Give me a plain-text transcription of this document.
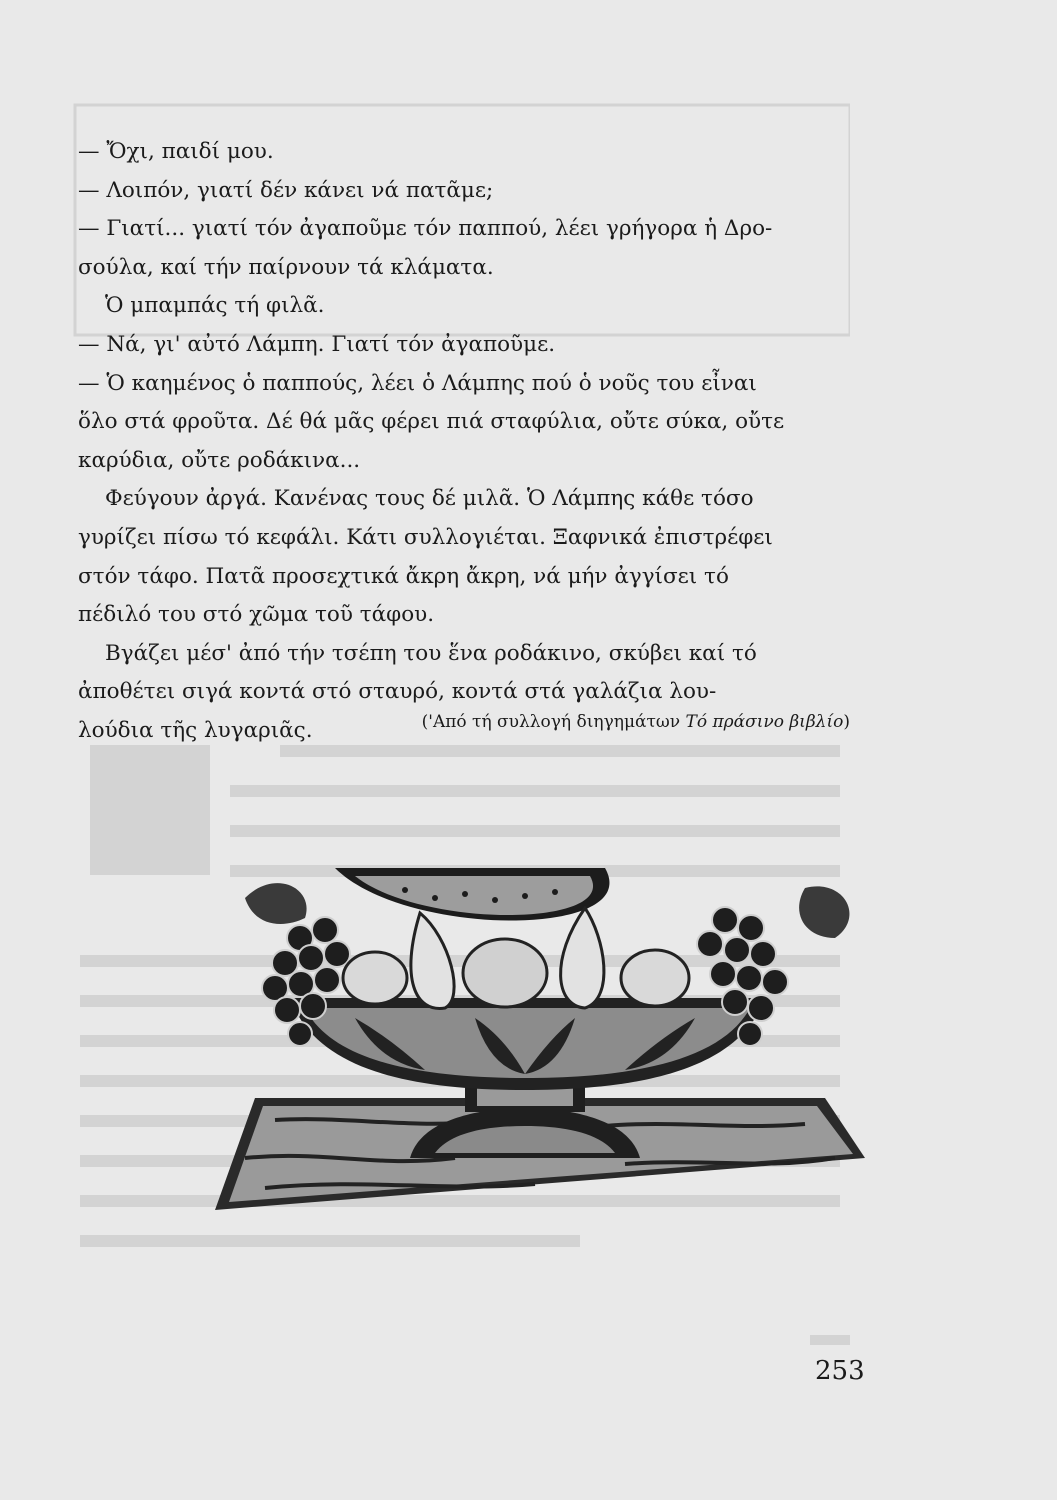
— Ὄχι, παιδί μου.

— Λοιπόν, γιατί δέν κάνει νά πατᾶμε;

— Γιατί... γιατί τόν ἀγαποῦμε τόν παππού, λέει γρήγορα ἡ Δρο-

σούλα, καί τήν παίρνουν τά κλάματα.

Ὁ μπαμπάς τή φιλᾶ.

— Νά, γι' αὐτό Λάμπη. Γιατί τόν ἀγαποῦμε.

— Ὁ καημένος ὁ παππούς, λέει ὁ Λάμπης πού ὁ νοῦς του εἶναι

ὅλο στά φροῦτα. Δέ θά μᾶς φέρει πιά σταφύλια, οὔτε σύκα, οὔτε

καρύδια, οὔτε ροδάκινα...

Φεύγουν ἀργά. Κανένας τους δέ μιλᾶ. Ὁ Λάμπης κάθε τόσο

γυρίζει πίσω τό κεφάλι. Κάτι συλλογιέται. Ξαφνικά ἐπιστρέφει

στόν τάφο. Πατᾶ προσεχτικά ἄκρη ἄκρη, νά μήν ἀγγίσει τό

πέδιλό του στό χῶμα τοῦ τάφου.

Βγάζει μέσ' ἀπό τήν τσέπη του ἕνα ροδάκινο, σκύβει καί τό

ἀποθέτει σιγά κοντά στό σταυρό, κοντά στά γαλάζια λου-

λούδια τῆς λυγαριᾶς.	('Από τή συλλογή διηγημάτων Τό πράσινο βιβλίο)
253
